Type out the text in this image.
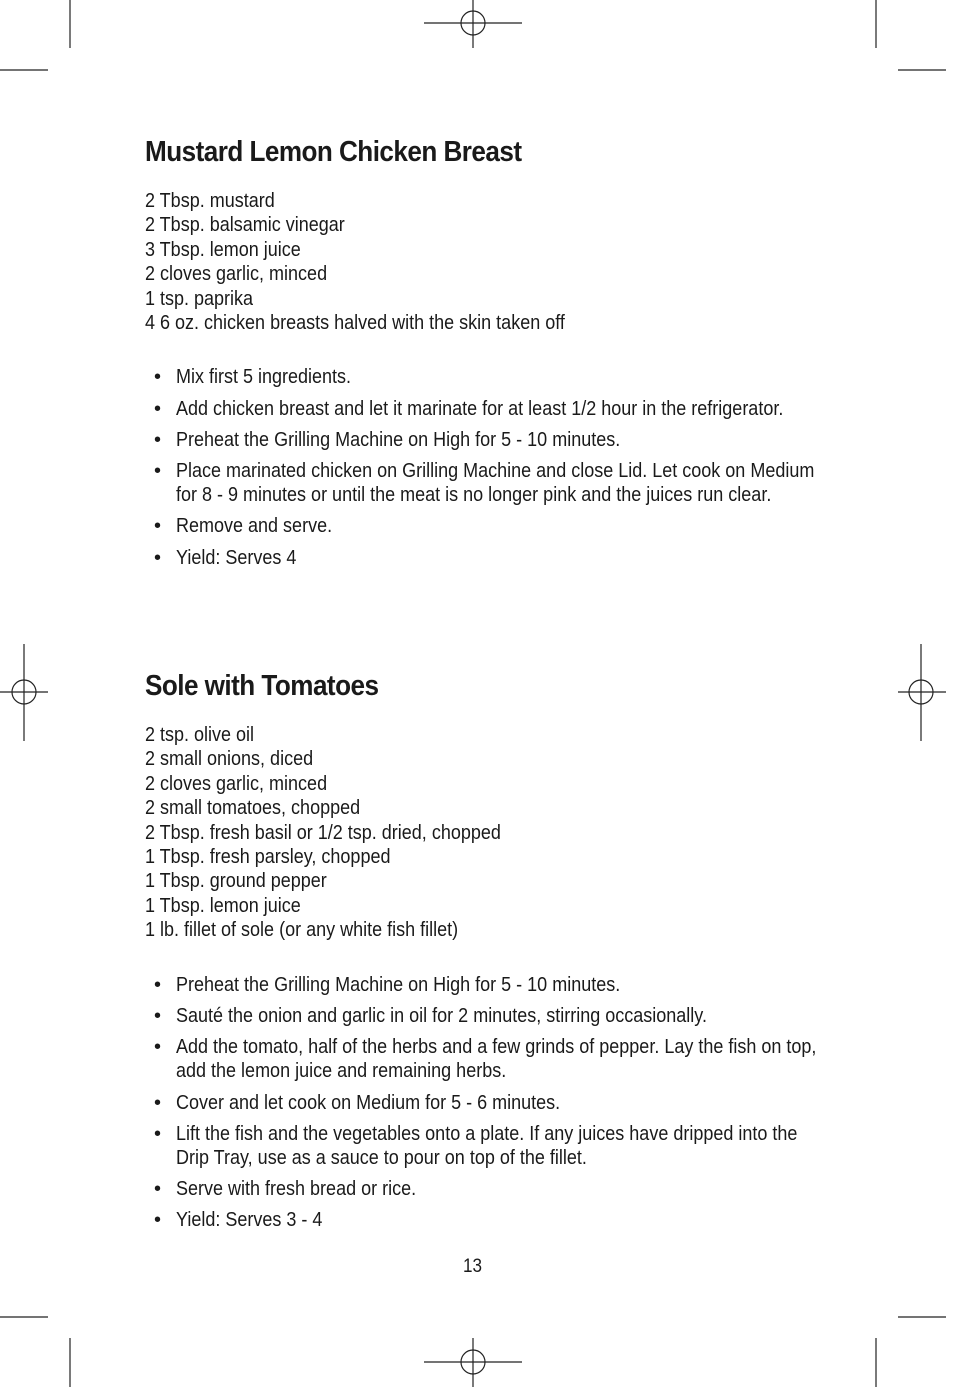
Mustard Lemon Chicken Breast
2 Tbsp. mustard
2 Tbsp. balsamic vinegar
3 Tbsp. lemon juice
2 cloves garlic, minced
1 tsp. paprika
4 6 oz. chicken breasts halved with the skin taken off
• Mix first 5 ingredients.
• Add chicken breast and let it marinate for at least 1/2 hour in the refrigerator.
• Preheat the Grilling Machine on High for 5 - 10 minutes.
• Place marinated chicken on Grilling Machine and close Lid. Let cook on Medium for 8 - 9 minutes or until the meat is no longer pink and the juices run clear.
• Remove and serve.
• Yield: Serves 4
Sole with Tomatoes
2 tsp. olive oil
2 small onions, diced
2 cloves garlic, minced
2 small tomatoes, chopped
2 Tbsp. fresh basil or 1/2 tsp. dried, chopped
1 Tbsp. fresh parsley, chopped
1 Tbsp. ground pepper
1 Tbsp. lemon juice
1 lb. fillet of sole (or any white fish fillet)
• Preheat the Grilling Machine on High for 5 - 10 minutes.
• Sauté the onion and garlic in oil for 2 minutes, stirring occasionally.
• Add the tomato, half of the herbs and a few grinds of pepper. Lay the fish on top, add the lemon juice and remaining herbs.
• Cover and let cook on Medium for 5 - 6 minutes.
• Lift the fish and the vegetables onto a plate. If any juices have dripped into the Drip Tray, use as a sauce to pour on top of the fillet.
• Serve with fresh bread or rice.
• Yield: Serves 3 - 4
13
